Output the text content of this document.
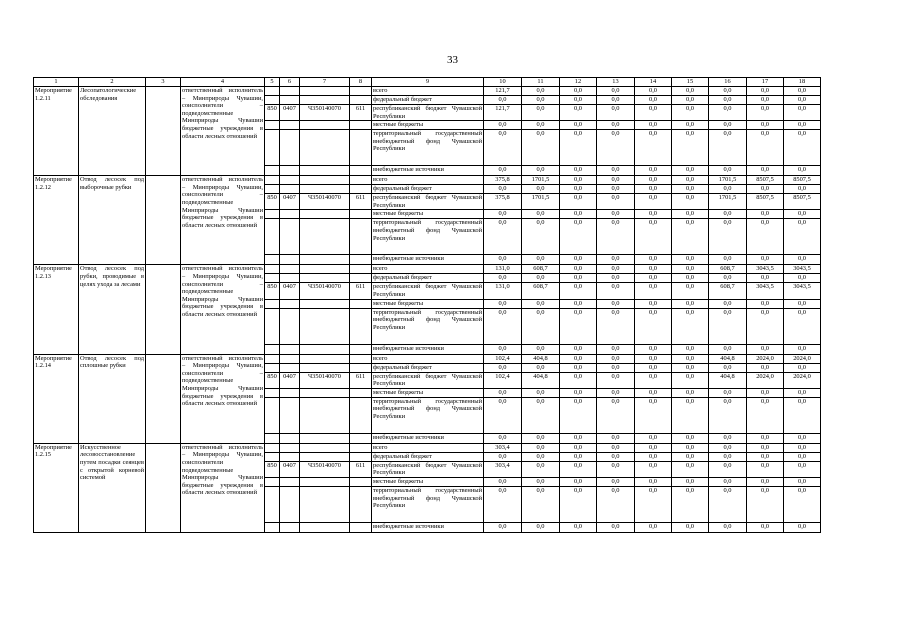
33
1	2	3	4	5	6	7	8	9	10	11	12	13	14	15	16	17	18
Мероприятие 1.2.11	Лесопатологические обследования		ответственный исполнитель – Минприроды Чувашии, соисполнители – подведомственные Минприроды Чувашии бюджетные учреждения в области лесных отношений					всего	121,7	0,0	0,0	0,0	0,0	0,0	0,0	0,0	0,0
								федеральный бюджет	0,0	0,0	0,0	0,0	0,0	0,0	0,0	0,0	0,0
				850	0407	Ч350140070	611	республиканский бюджет Чувашской Республики	121,7	0,0	0,0	0,0	0,0	0,0	0,0	0,0	0,0
								местные бюджеты	0,0	0,0	0,0	0,0	0,0	0,0	0,0	0,0	0,0
								территориальный государственный внебюджетный фонд Чувашской Республики	0,0	0,0	0,0	0,0	0,0	0,0	0,0	0,0	0,0
								внебюджетные источники	0,0	0,0	0,0	0,0	0,0	0,0	0,0	0,0	0,0
Мероприятие 1.2.12	Отвод лесосек под выборочные рубки		ответственный исполнитель – Минприроды Чувашии, соисполнители – подведомственные Минприроды Чувашии бюджетные учреждения в области лесных отношений					всего	375,8	1701,5	0,0	0,0	0,0	0,0	1701,5	8507,5	8507,5
								федеральный бюджет	0,0	0,0	0,0	0,0	0,0	0,0	0,0	0,0	0,0
				850	0407	Ч350140070	611	республиканский бюджет Чувашской Республики	375,8	1701,5	0,0	0,0	0,0	0,0	1701,5	8507,5	8507,5
								местные бюджеты	0,0	0,0	0,0	0,0	0,0	0,0	0,0	0,0	0,0
								территориальный государственный внебюджетный фонд Чувашской Республики	0,0	0,0	0,0	0,0	0,0	0,0	0,0	0,0	0,0
								внебюджетные источники	0,0	0,0	0,0	0,0	0,0	0,0	0,0	0,0	0,0
Мероприятие 1.2.13	Отвод лесосек под рубки, проводимые в целях ухода за лесами		ответственный исполнитель – Минприроды Чувашии, соисполнители – подведомственные Минприроды Чувашии бюджетные учреждения в области лесных отношений					всего	131,0	608,7	0,0	0,0	0,0	0,0	608,7	3043,5	3043,5
								федеральный бюджет	0,0	0,0	0,0	0,0	0,0	0,0	0,0	0,0	0,0
				850	0407	Ч350140070	611	республиканский бюджет Чувашской Республики	131,0	608,7	0,0	0,0	0,0	0,0	608,7	3043,5	3043,5
								местные бюджеты	0,0	0,0	0,0	0,0	0,0	0,0	0,0	0,0	0,0
								территориальный государственный внебюджетный фонд Чувашской Республики	0,0	0,0	0,0	0,0	0,0	0,0	0,0	0,0	0,0
								внебюджетные источники	0,0	0,0	0,0	0,0	0,0	0,0	0,0	0,0	0,0
Мероприятие 1.2.14	Отвод лесосек под сплошные рубки		ответственный исполнитель – Минприроды Чувашии, соисполнители – подведомственные Минприроды Чувашии бюджетные учреждения в области лесных отношений					всего	102,4	404,8	0,0	0,0	0,0	0,0	404,8	2024,0	2024,0
								федеральный бюджет	0,0	0,0	0,0	0,0	0,0	0,0	0,0	0,0	0,0
				850	0407	Ч350140070	611	республиканский бюджет Чувашской Республики	102,4	404,8	0,0	0,0	0,0	0,0	404,8	2024,0	2024,0
								местные бюджеты	0,0	0,0	0,0	0,0	0,0	0,0	0,0	0,0	0,0
								территориальный государственный внебюджетный фонд Чувашской Республики	0,0	0,0	0,0	0,0	0,0	0,0	0,0	0,0	0,0
								внебюджетные источники	0,0	0,0	0,0	0,0	0,0	0,0	0,0	0,0	0,0
Мероприятие 1.2.15	Искусственное лесовосстановление путем посадки сеянцев с открытой корневой системой		ответственный исполнитель – Минприроды Чувашии, соисполнители подведомственные Минприроды Чувашии бюджетные учреждения в области лесных отношений					всего	303,4	0,0	0,0	0,0	0,0	0,0	0,0	0,0	0,0
								федеральный бюджет	0,0	0,0	0,0	0,0	0,0	0,0	0,0	0,0	0,0
				850	0407	Ч350140070	611	республиканский бюджет Чувашской Республики	303,4	0,0	0,0	0,0	0,0	0,0	0,0	0,0	0,0
								местные бюджеты	0,0	0,0	0,0	0,0	0,0	0,0	0,0	0,0	0,0
								территориальный государственный внебюджетный фонд Чувашской Республики	0,0	0,0	0,0	0,0	0,0	0,0	0,0	0,0	0,0
								внебюджетные источники	0,0	0,0	0,0	0,0	0,0	0,0	0,0	0,0	0,0
